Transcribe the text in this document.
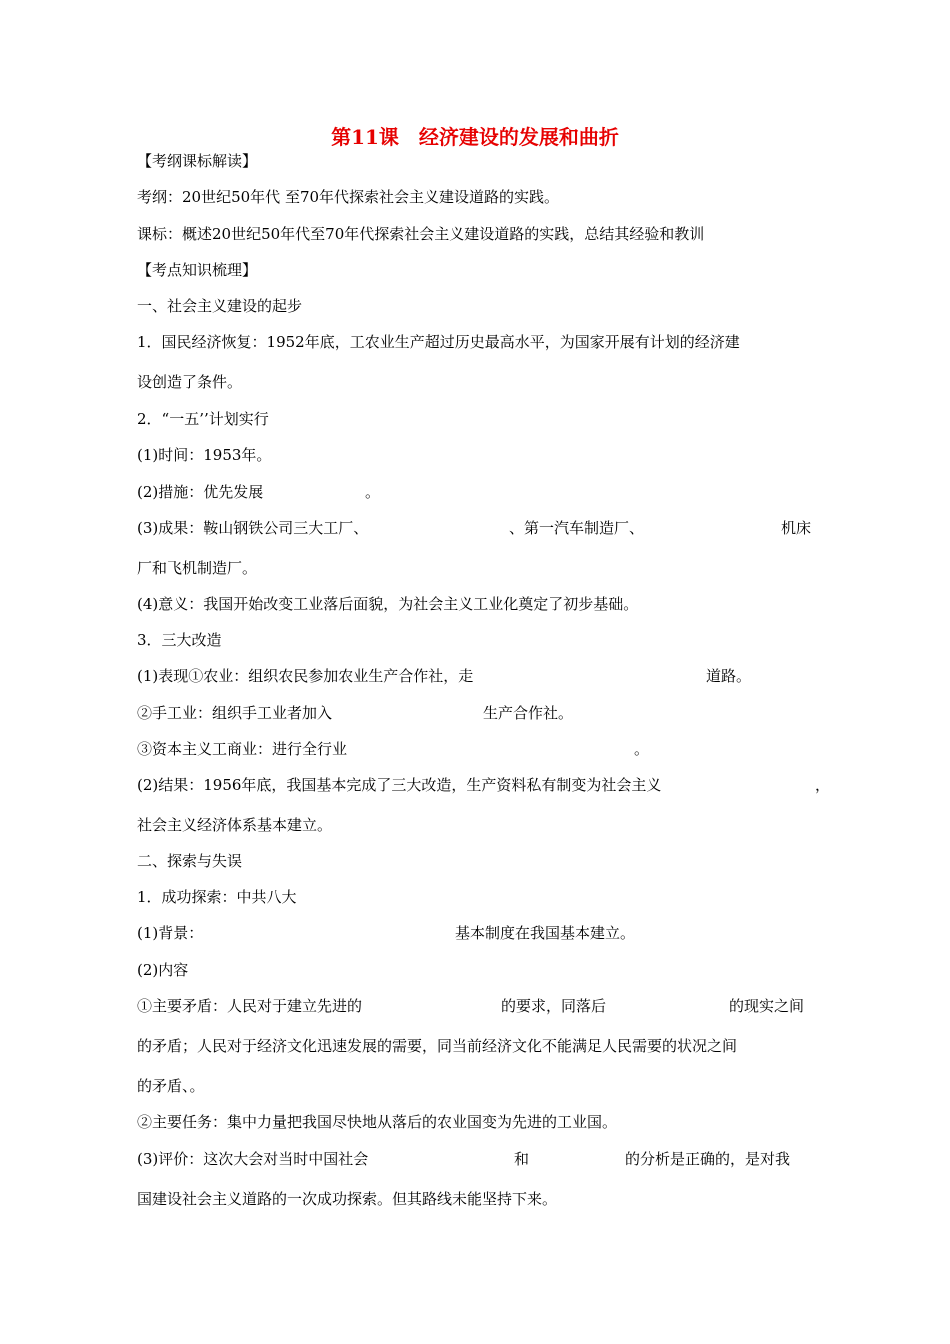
第11课　经济建设的发展和曲折
【考纲课标解读】
考纲：20世纪50年代 至70年代探索社会主义建设道路的实践。
课标：概述20世纪50年代至70年代探索社会主义建设道路的实践，总结其经验和教训
【考点知识梳理】
一、社会主义建设的起步
1．国民经济恢复：1952年底，工农业生产超过历史最高水平，为国家开展有计划的经济建
设创造了条件。
2．“一五’’计划实行
(1)时间：1953年。
(2)措施：优先发展	。
(3)成果：鞍山钢铁公司三大工厂、	、第一汽车制造厂、	机床
厂和飞机制造厂。
(4)意义：我国开始改变工业落后面貌，为社会主义工业化奠定了初步基础。
3．三大改造
(1)表现①农业：组织农民参加农业生产合作社，走	道路。
②手工业：组织手工业者加入	生产合作社。
③资本主义工商业：进行全行业	。
(2)结果：1956年底，我国基本完成了三大改造，生产资料私有制变为社会主义	，
社会主义经济体系基本建立。
二、探索与失误
1．成功探索：中共八大
(1)背景：	基本制度在我国基本建立。
(2)内容
①主要矛盾：人民对于建立先进的	的要求，同落后	的现实之间
的矛盾；人民对于经济文化迅速发展的需要，同当前经济文化不能满足人民需要的状况之间
的矛盾、。
②主要任务：集中力量把我国尽快地从落后的农业国变为先进的工业国。
(3)评价：这次大会对当时中国社会	和	的分析是正确的，是对我
国建设社会主义道路的一次成功探索。但其路线未能坚持下来。
